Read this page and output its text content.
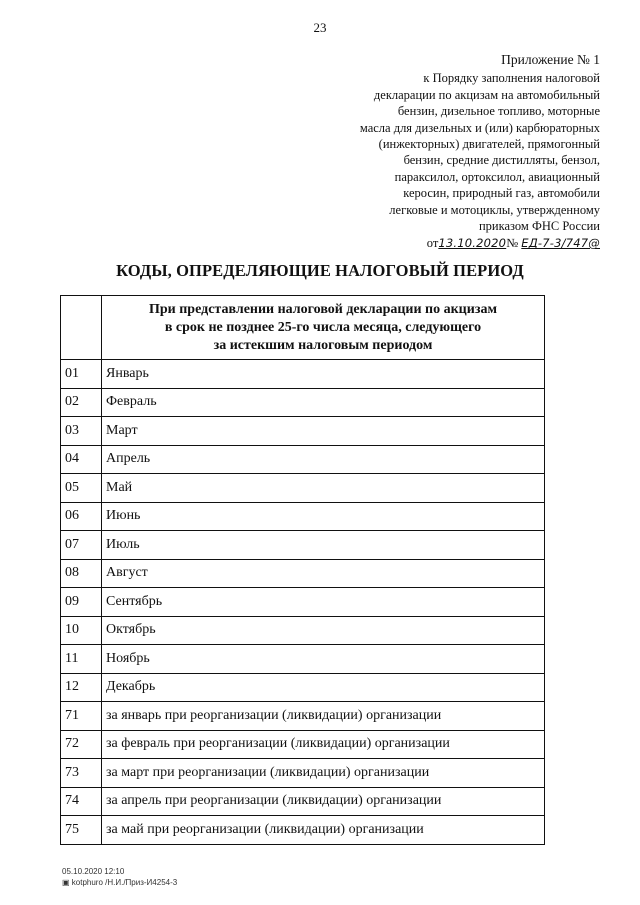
23
Приложение № 1
к Порядку заполнения налоговой
декларации по акцизам на автомобильный
бензин, дизельное топливо, моторные
масла для дизельных и (или) карбюраторных
(инжекторных) двигателей, прямогонный
бензин, средние дистилляты, бензол,
параксилол, ортоксилол, авиационный
керосин, природный газ, автомобили
легковые и мотоциклы, утвержденному
приказом ФНС России
от13.10.2020№ ЕД-7-3/747@
КОДЫ, ОПРЕДЕЛЯЮЩИЕ НАЛОГОВЫЙ ПЕРИОД

	При представлении налоговой декларации по акцизам
в срок не позднее 25-го числа месяца, следующего
за истекшим налоговым периодом

01	Январь
02	Февраль
03	Март
04	Апрель
05	Май
06	Июнь
07	Июль
08	Август
09	Сентябрь
10	Октябрь
11	Ноябрь
12	Декабрь
71	за январь при реорганизации (ликвидации) организации
72	за февраль при реорганизации (ликвидации) организации
73	за март при реорганизации (ликвидации) организации
74	за апрель при реорганизации (ликвидации) организации
75	за май при реорганизации (ликвидации) организации
05.10.2020 12:10
▣ kotphuro /Н.И./Приз-И4254-3
